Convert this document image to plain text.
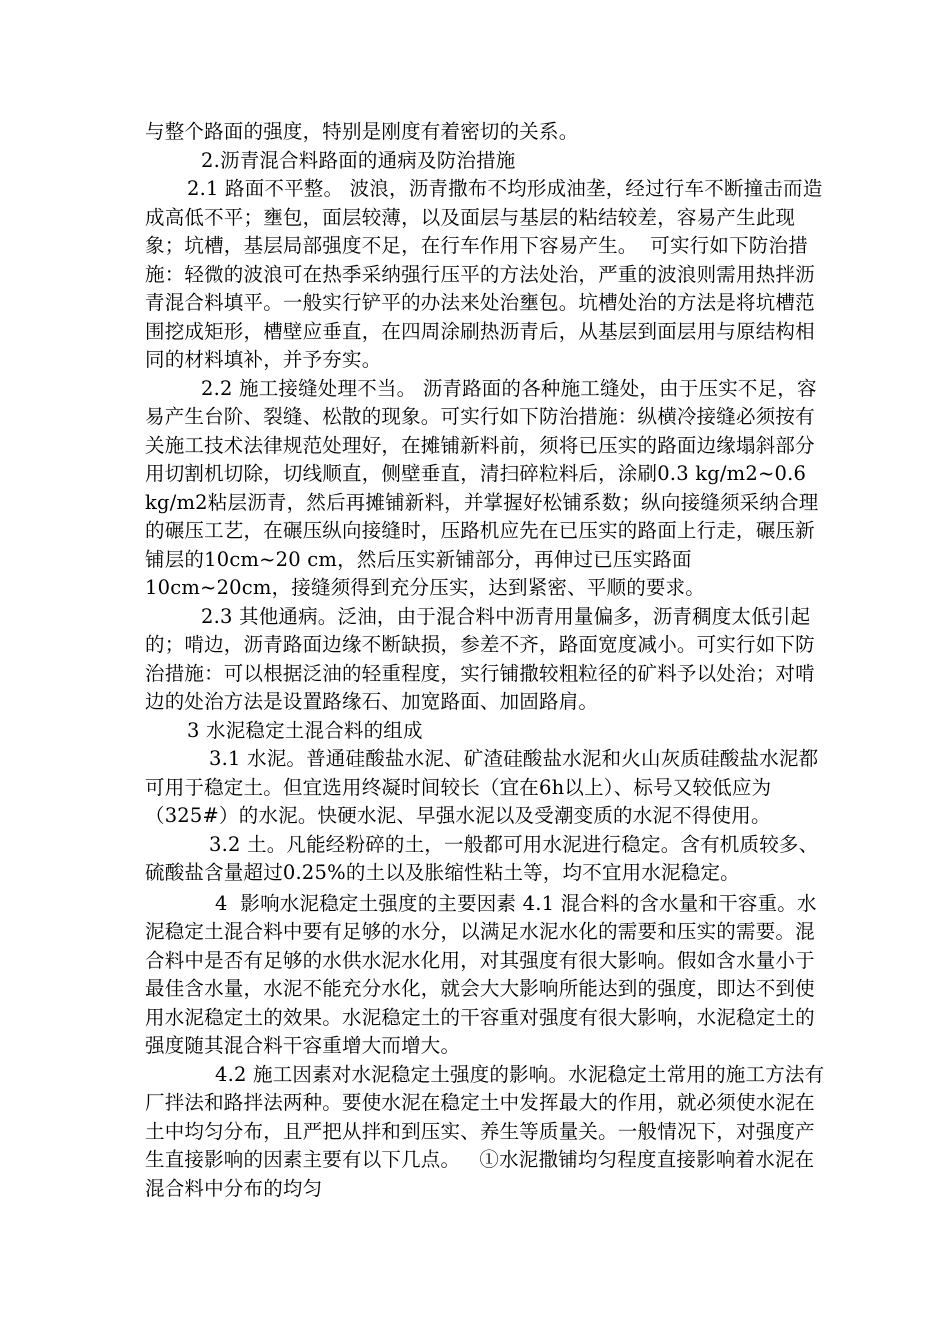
与整个路面的强度，特别是刚度有着密切的关系。

2.沥青混合料路面的通病及防治措施

2.1 路面不平整。 波浪，沥青撒布不均形成油垄，经过行车不断撞击而造成高低不平；壅包，面层较薄，以及面层与基层的粘结较差，容易产生此现象；坑槽，基层局部强度不足，在行车作用下容易产生。  可实行如下防治措施：轻微的波浪可在热季采纳强行压平的方法处治，严重的波浪则需用热拌沥青混合料填平。一般实行铲平的办法来处治壅包。坑槽处治的方法是将坑槽范围挖成矩形，槽壁应垂直，在四周涂刷热沥青后，从基层到面层用与原结构相同的材料填补，并予夯实。

2.2 施工接缝处理不当。 沥青路面的各种施工缝处，由于压实不足，容易产生台阶、裂缝、松散的现象。可实行如下防治措施：纵横冷接缝必须按有关施工技术法律规范处理好，在摊铺新料前，须将已压实的路面边缘塌斜部分用切割机切除，切线顺直，侧壁垂直，清扫碎粒料后，涂刷0.3 kg/m2~0.6 kg/m2粘层沥青，然后再摊铺新料，并掌握好松铺系数；纵向接缝须采纳合理的碾压工艺，在碾压纵向接缝时，压路机应先在已压实的路面上行走，碾压新铺层的10cm~20 cm，然后压实新铺部分，再伸过已压实路面10cm~20cm，接缝须得到充分压实，达到紧密、平顺的要求。

2.3 其他通病。泛油，由于混合料中沥青用量偏多，沥青稠度太低引起的；啃边，沥青路面边缘不断缺损，参差不齐，路面宽度减小。可实行如下防治措施：可以根据泛油的轻重程度，实行铺撒较粗粒径的矿料予以处治；对啃边的处治方法是设置路缘石、加宽路面、加固路肩。

3 水泥稳定土混合料的组成

3.1 水泥。普通硅酸盐水泥、矿渣硅酸盐水泥和火山灰质硅酸盐水泥都可用于稳定土。但宜选用终凝时间较长（宜在6h以上）、标号又较低应为（325#）的水泥。快硬水泥、早强水泥以及受潮变质的水泥不得使用。

3.2 土。凡能经粉碎的土，一般都可用水泥进行稳定。含有机质较多、硫酸盐含量超过0.25%的土以及胀缩性粘土等，均不宜用水泥稳定。

4  影响水泥稳定土强度的主要因素 4.1 混合料的含水量和干容重。水泥稳定土混合料中要有足够的水分，以满足水泥水化的需要和压实的需要。混合料中是否有足够的水供水泥水化用，对其强度有很大影响。假如含水量小于最佳含水量，水泥不能充分水化，就会大大影响所能达到的强度，即达不到使用水泥稳定土的效果。水泥稳定土的干容重对强度有很大影响，水泥稳定土的强度随其混合料干容重增大而增大。

4.2 施工因素对水泥稳定土强度的影响。水泥稳定土常用的施工方法有厂拌法和路拌法两种。要使水泥在稳定土中发挥最大的作用，就必须使水泥在土中均匀分布，且严把从拌和到压实、养生等质量关。一般情况下，对强度产生直接影响的因素主要有以下几点。   ①水泥撒铺均匀程度直接影响着水泥在混合料中分布的均匀
